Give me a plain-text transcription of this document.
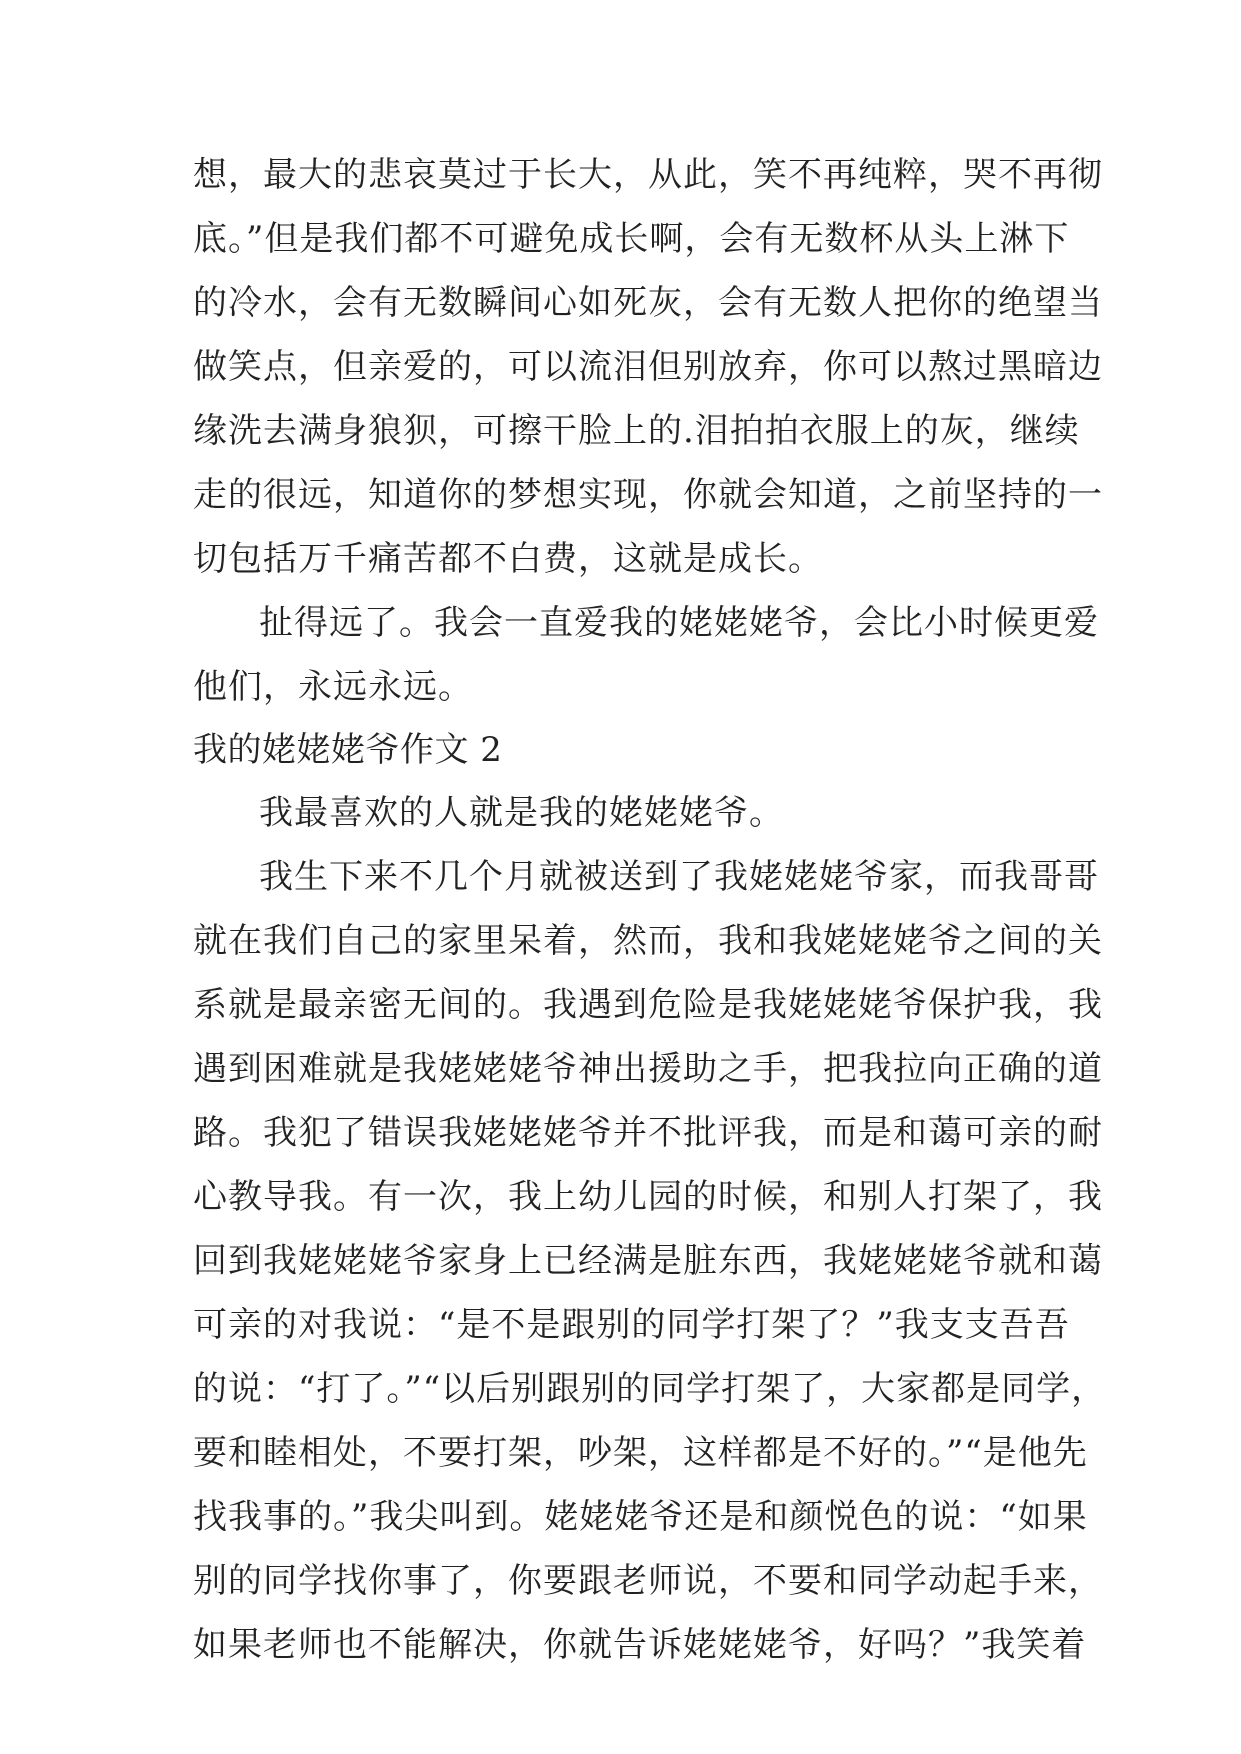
想，最大的悲哀莫过于长大，从此，笑不再纯粹，哭不再彻
底。”但是我们都不可避免成长啊，会有无数杯从头上淋下
的冷水，会有无数瞬间心如死灰，会有无数人把你的绝望当
做笑点，但亲爱的，可以流泪但别放弃，你可以熬过黑暗边
缘洗去满身狼狈，可擦干脸上的.泪拍拍衣服上的灰，继续
走的很远，知道你的梦想实现，你就会知道，之前坚持的一
切包括万千痛苦都不白费，这就是成长。
扯得远了。我会一直爱我的姥姥姥爷，会比小时候更爱
他们，永远永远。
我的姥姥姥爷作文 2
我最喜欢的人就是我的姥姥姥爷。
我生下来不几个月就被送到了我姥姥姥爷家，而我哥哥
就在我们自己的家里呆着，然而，我和我姥姥姥爷之间的关
系就是最亲密无间的。我遇到危险是我姥姥姥爷保护我，我
遇到困难就是我姥姥姥爷神出援助之手，把我拉向正确的道
路。我犯了错误我姥姥姥爷并不批评我，而是和蔼可亲的耐
心教导我。有一次，我上幼儿园的时候，和别人打架了，我
回到我姥姥姥爷家身上已经满是脏东西，我姥姥姥爷就和蔼
可亲的对我说：“是不是跟别的同学打架了？”我支支吾吾
的说：“打了。”“以后别跟别的同学打架了，大家都是同学，
要和睦相处，不要打架，吵架，这样都是不好的。”“是他先
找我事的。”我尖叫到。姥姥姥爷还是和颜悦色的说：“如果
别的同学找你事了，你要跟老师说，不要和同学动起手来，
如果老师也不能解决，你就告诉姥姥姥爷，好吗？”我笑着
